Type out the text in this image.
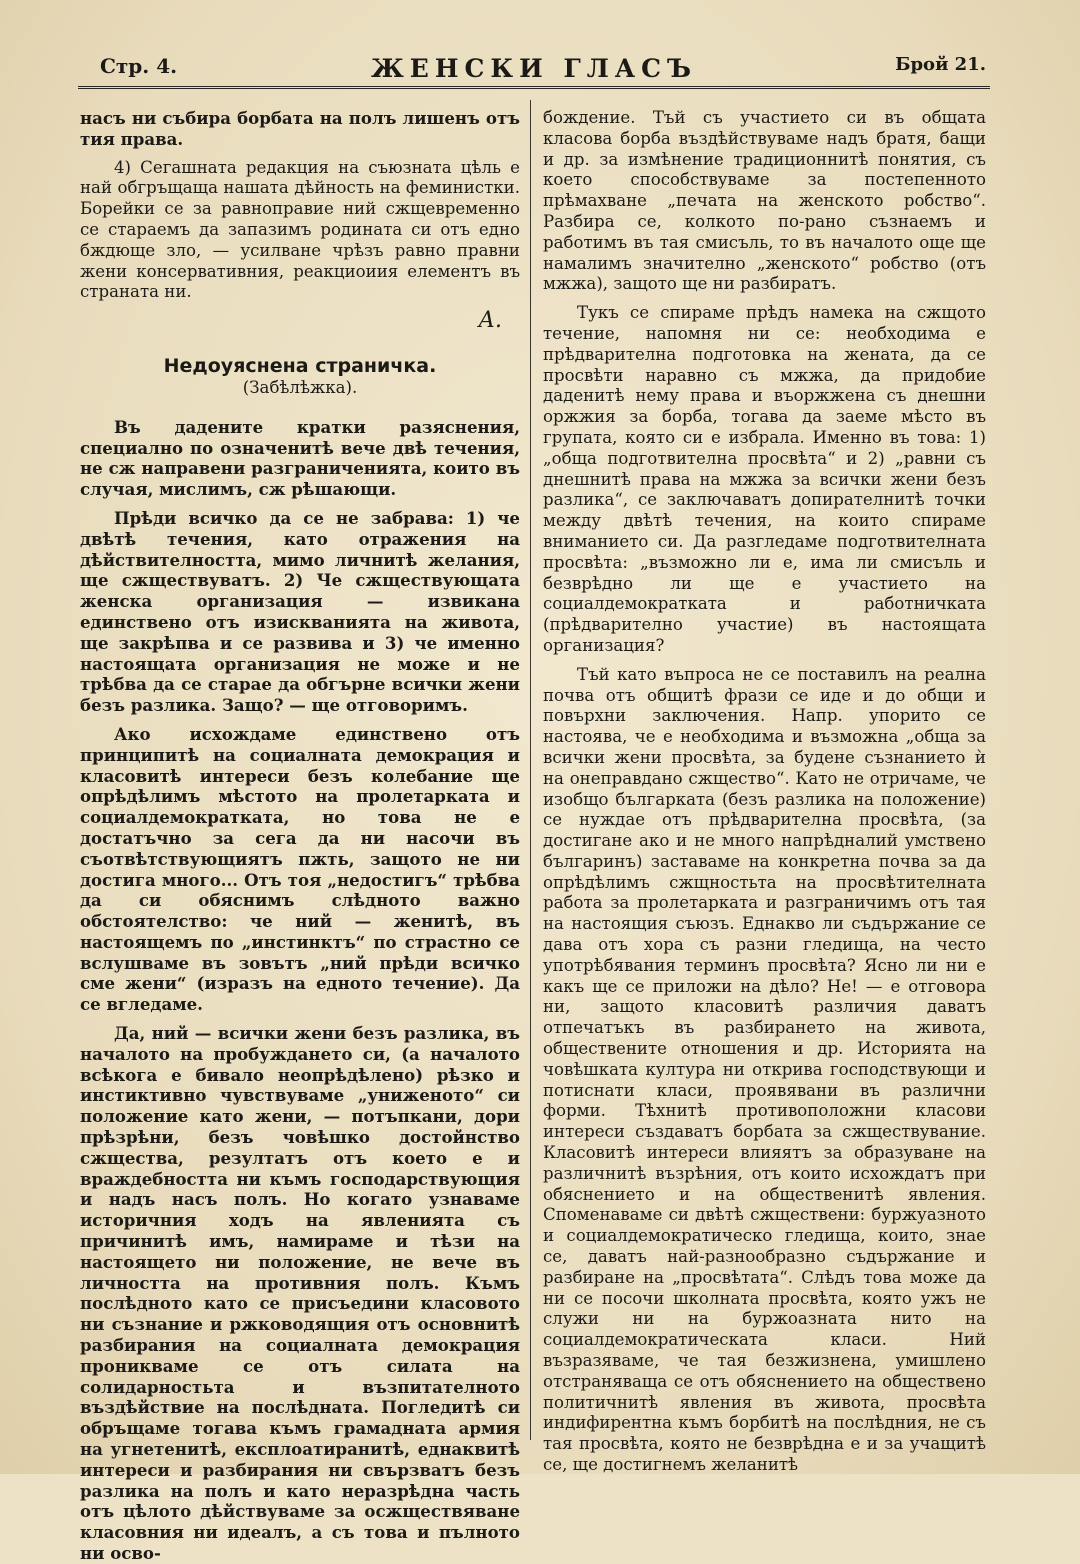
Стр. 4.	ЖЕНСКИ ГЛАСЪ	Брой 21.

насъ ни събира борбата на полъ лишенъ отъ тия права.

4) Сегашната редакция на съюзната цѣль е най обгръщаща нашата дѣйность на феминистки. Борейки се за равноправие ний сжщевременно се стараемъ да запазимъ родината си отъ едно бждюще зло, — усилване чрѣзъ равно правни жени консервативния, реакциоиия елементъ въ страната ни.

А.

Недоуяснена страничка.
(Забѣлѣжка).

Въ дадените кратки разяснения, специално по означенитѣ вече двѣ течения, не сж направени разграниченията, които въ случая, мислимъ, сж рѣшающи.

Прѣди всичко да се не забрава: 1) че двѣтѣ течения, като отражения на дѣйствителността, мимо личнитѣ желания, ще сжществуватъ. 2) Че сжществующата женска организация — извикана единствено отъ изискванията на живота, ще закрѣпва и се развива и 3) че именно настоящата организация не може и не трѣбва да се старае да обгърне всички жени безъ разлика. Защо? — ще отговоримъ.

Ако исхождаме единствено отъ принципитѣ на социалната демокрация и класовитѣ интереси безъ колебание ще опрѣдѣлимъ мѣстото на пролетарката и социалдемократката, но това не е достатъчно за сега да ни насочи въ съотвѣтствующиятъ пжть, защото не ни достига много... Отъ тоя „недостигъ“ трѣбва да си обяснимъ слѣдното важно обстоятелство: че ний — женитѣ, въ настоящемъ по „инстинктъ“ по страстно се вслушваме въ зовътъ „ний прѣди всичко сме жени“ (изразъ на едното течение). Да се вгледаме.

Да, ний — всички жени безъ разлика, въ началото на пробуждането си, (а началото всѣкога е бивало неопрѣдѣлено) рѣзко и инстиктивно чувствуваме „униженото“ си положение като жени, — потъпкани, дори прѣзрѣни, безъ човѣшко достойнство сжщества, резултатъ отъ което е и враждебността ни къмъ господарствующия и надъ насъ полъ. Но когато узнаваме историчния ходъ на явленията съ причинитѣ имъ, намираме и тѣзи на настоящето ни положение, не вече въ личността на противния полъ. Къмъ послѣдното като се присъедини класовото ни съзнание и ржководящия отъ основнитѣ разбирания на социалната демокрация проникваме се отъ силата на солидарностьта и възпитателното въздѣйствие на послѣдната. Погледитѣ си обръщаме тогава къмъ грамадната армия на угнетенитѣ, експлоатиранитѣ, еднаквитѣ интереси и разбирания ни свързватъ безъ разлика на полъ и като неразрѣдна часть отъ цѣлото дѣйствуваме за осжществяване класовния ни идеалъ, а съ това и пълното ни осво-

бождение. Тъй съ участието си въ общата класова борба въздѣйствуваме надъ братя, бащи и др. за измѣнение традиционнитѣ понятия, съ което способствуваме за постепенното прѣмахване „печата на женското робство“. Разбира се, колкото по-рано съзнаемъ и работимъ въ тая смисъль, то въ началото още ще намалимъ значително „женското“ робство (отъ мжжа), защото ще ни разбиратъ.

Тукъ се спираме прѣдъ намека на сжщото течение, напомня ни се: необходима е прѣдварителна подготовка на жената, да се просвѣти наравно съ мжжа, да придобие даденитѣ нему права и въоржжена съ днешни оржжия за борба, тогава да заеме мѣсто въ групата, която си е избрала. Именно въ това: 1) „обща подготвителна просвѣта“ и 2) „равни съ днешнитѣ права на мжжа за всички жени безъ разлика“, се заключаватъ допирателнитѣ точки между двѣтѣ течения, на които спираме вниманието си. Да разгледаме подготвителната просвѣта: „възможно ли е, има ли смисъль и безврѣдно ли ще е участието на социалдемократката и работничката (прѣдварително участие) въ настоящата организация?

Тъй като въпроса не се поставилъ на реална почва отъ общитѣ фрази се иде и до общи и повърхни заключения. Напр. упорито се настоява, че е необходима и възможна „обща за всички жени просвѣта, за будене съзнанието ѝ на онеправдано сжщество“. Като не отричаме, че изобщо българката (безъ разлика на положение) се нуждае отъ прѣдварителна просвѣта, (за достигане ако и не много напрѣдналий умствено българинъ) заставаме на конкретна почва за да опрѣдѣлимъ сжщностьта на просвѣтителната работа за пролетарката и разграничимъ отъ тая на настоящия съюзъ. Еднакво ли съдържание се дава отъ хора съ разни гледища, на често употрѣбявания терминъ просвѣта? Ясно ли ни е какъ ще се приложи на дѣло? Не! — е отговора ни, защото класовитѣ различия даватъ отпечатъкъ въ разбирането на живота, обществените отношения и др. Историята на човѣшката култура ни открива господствующи и потиснати класи, проявявани въ различни форми. Тѣхнитѣ противоположни класови интереси създаватъ борбата за сжществувание. Класовитѣ интереси влияятъ за образуване на различнитѣ възрѣния, отъ които исхождатъ при обяснението и на общественитѣ явления. Споменаваме си двѣтѣ сжществени: буржуазното и социалдемократическо гледища, които, знае се, даватъ най-разнообразно съдържание и разбиране на „просвѣтата“. Слѣдъ това може да ни се посочи школната просвѣта, която ужъ не служи ни на буржоазната нито на социалдемократическата класи. Ний възразяваме, че тая безжизнена, умишлено отстраняваща се отъ обяснението на обществено политичнитѣ явления въ живота, просвѣта индифирентна къмъ борбитѣ на послѣдния, не съ тая просвѣта, която не безврѣдна е и за учащитѣ се, ще достигнемъ желанитѣ
